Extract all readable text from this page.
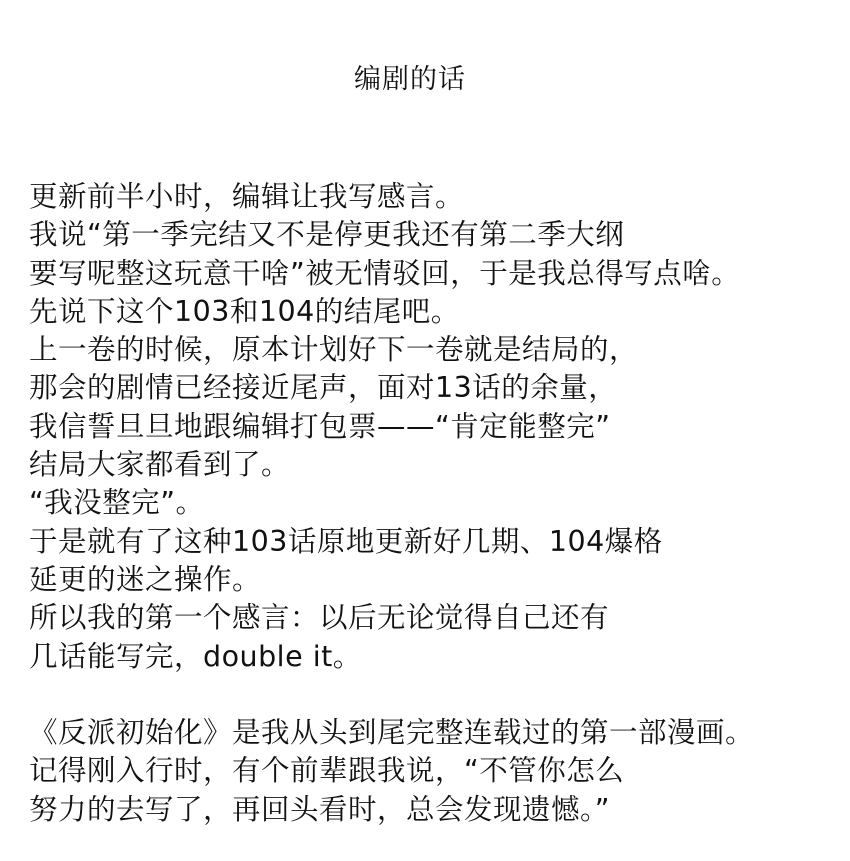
编剧的话
更新前半小时，编辑让我写感言。
我说“第一季完结又不是停更我还有第二季大纲
要写呢整这玩意干啥”被无情驳回，于是我总得写点啥。
先说下这个103和104的结尾吧。
上一卷的时候，原本计划好下一卷就是结局的，
那会的剧情已经接近尾声，面对13话的余量，
我信誓旦旦地跟编辑打包票——“肯定能整完”
结局大家都看到了。
“我没整完”。
于是就有了这种103话原地更新好几期、104爆格
延更的迷之操作。
所以我的第一个感言：以后无论觉得自己还有
几话能写完，double it。
《反派初始化》是我从头到尾完整连载过的第一部漫画。
记得刚入行时，有个前辈跟我说，“不管你怎么
努力的去写了，再回头看时，总会发现遗憾。”
